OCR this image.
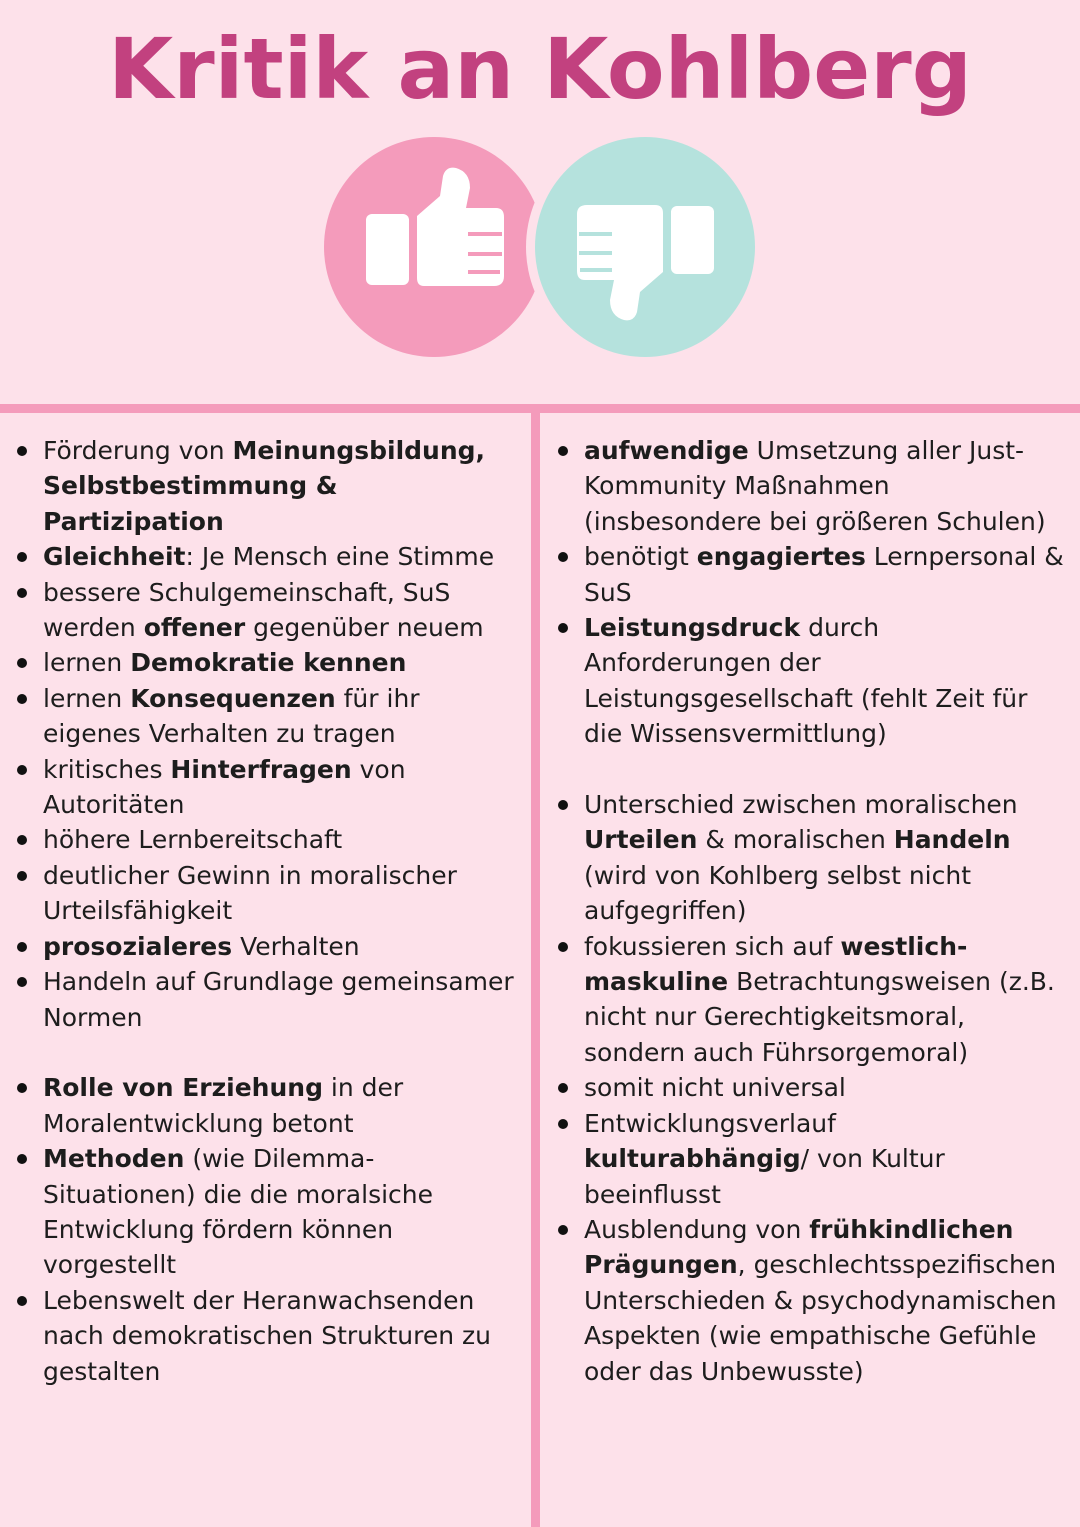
Kritik an Kohlberg
Förderung von Meinungsbildung, Selbstbestimmung & Partizipation
Gleichheit: Je Mensch eine Stimme
bessere Schulgemeinschaft, SuS werden offener gegenüber neuem
lernen Demokratie kennen
lernen Konsequenzen für ihr eigenes Verhalten zu tragen
kritisches Hinterfragen von Autoritäten
höhere Lernbereitschaft
deutlicher Gewinn in moralischer Urteilsfähigkeit
prosozialeres Verhalten
Handeln auf Grundlage gemeinsamer Normen
Rolle von Erziehung in der Moralentwicklung betont
Methoden (wie Dilemma-Situationen) die die moralsiche Entwicklung fördern können vorgestellt
Lebenswelt der Heranwachsenden nach demokratischen Strukturen zu gestalten
aufwendige Umsetzung aller Just-Kommunity Maßnahmen (insbesondere bei größeren Schulen)
benötigt engagiertes Lernpersonal & SuS
Leistungsdruck durch Anforderungen der Leistungsgesellschaft (fehlt Zeit für die Wissensvermittlung)
Unterschied zwischen moralischen Urteilen & moralischen Handeln (wird von Kohlberg selbst nicht aufgegriffen)
fokussieren sich auf westlich-maskuline Betrachtungsweisen (z.B. nicht nur Gerechtigkeitsmoral, sondern auch Führsorgemoral)
somit nicht universal
Entwicklungsverlauf kulturabhängig/ von Kultur beeinflusst
Ausblendung von frühkindlichen Prägungen, geschlechtsspezifischen Unterschieden & psychodynamischen Aspekten (wie empathische Gefühle oder das Unbewusste)
